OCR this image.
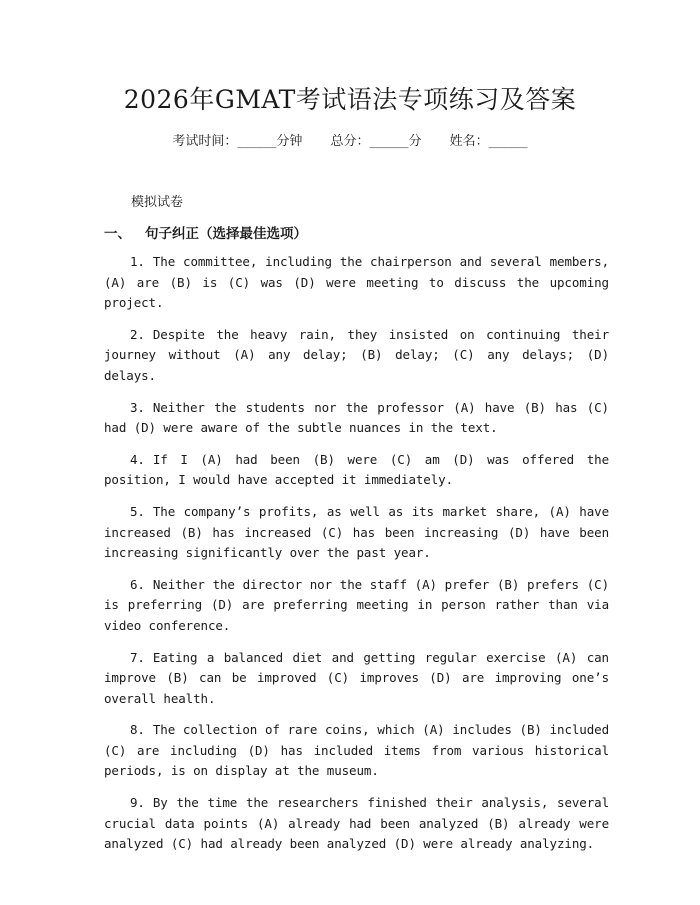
2026年GMAT考试语法专项练习及答案
考试时间：______分钟 总分：______分 姓名：______
模拟试卷
一、 句子纠正（选择最佳选项）
1. The committee, including the chairperson and several members, (A) are (B) is (C) was (D) were meeting to discuss the upcoming project.
2. Despite the heavy rain, they insisted on continuing their journey without (A) any delay; (B) delay; (C) any delays; (D) delays.
3. Neither the students nor the professor (A) have (B) has (C) had (D) were aware of the subtle nuances in the text.
4. If I (A) had been (B) were (C) am (D) was offered the position, I would have accepted it immediately.
5. The company’s profits, as well as its market share, (A) have increased (B) has increased (C) has been increasing (D) have been increasing significantly over the past year.
6. Neither the director nor the staff (A) prefer (B) prefers (C) is preferring (D) are preferring meeting in person rather than via video conference.
7. Eating a balanced diet and getting regular exercise (A) can improve (B) can be improved (C) improves (D) are improving one’s overall health.
8. The collection of rare coins, which (A) includes (B) included (C) are including (D) has included items from various historical periods, is on display at the museum.
9. By the time the researchers finished their analysis, several crucial data points (A) already had been analyzed (B) already were analyzed (C) had already been analyzed (D) were already analyzing.
